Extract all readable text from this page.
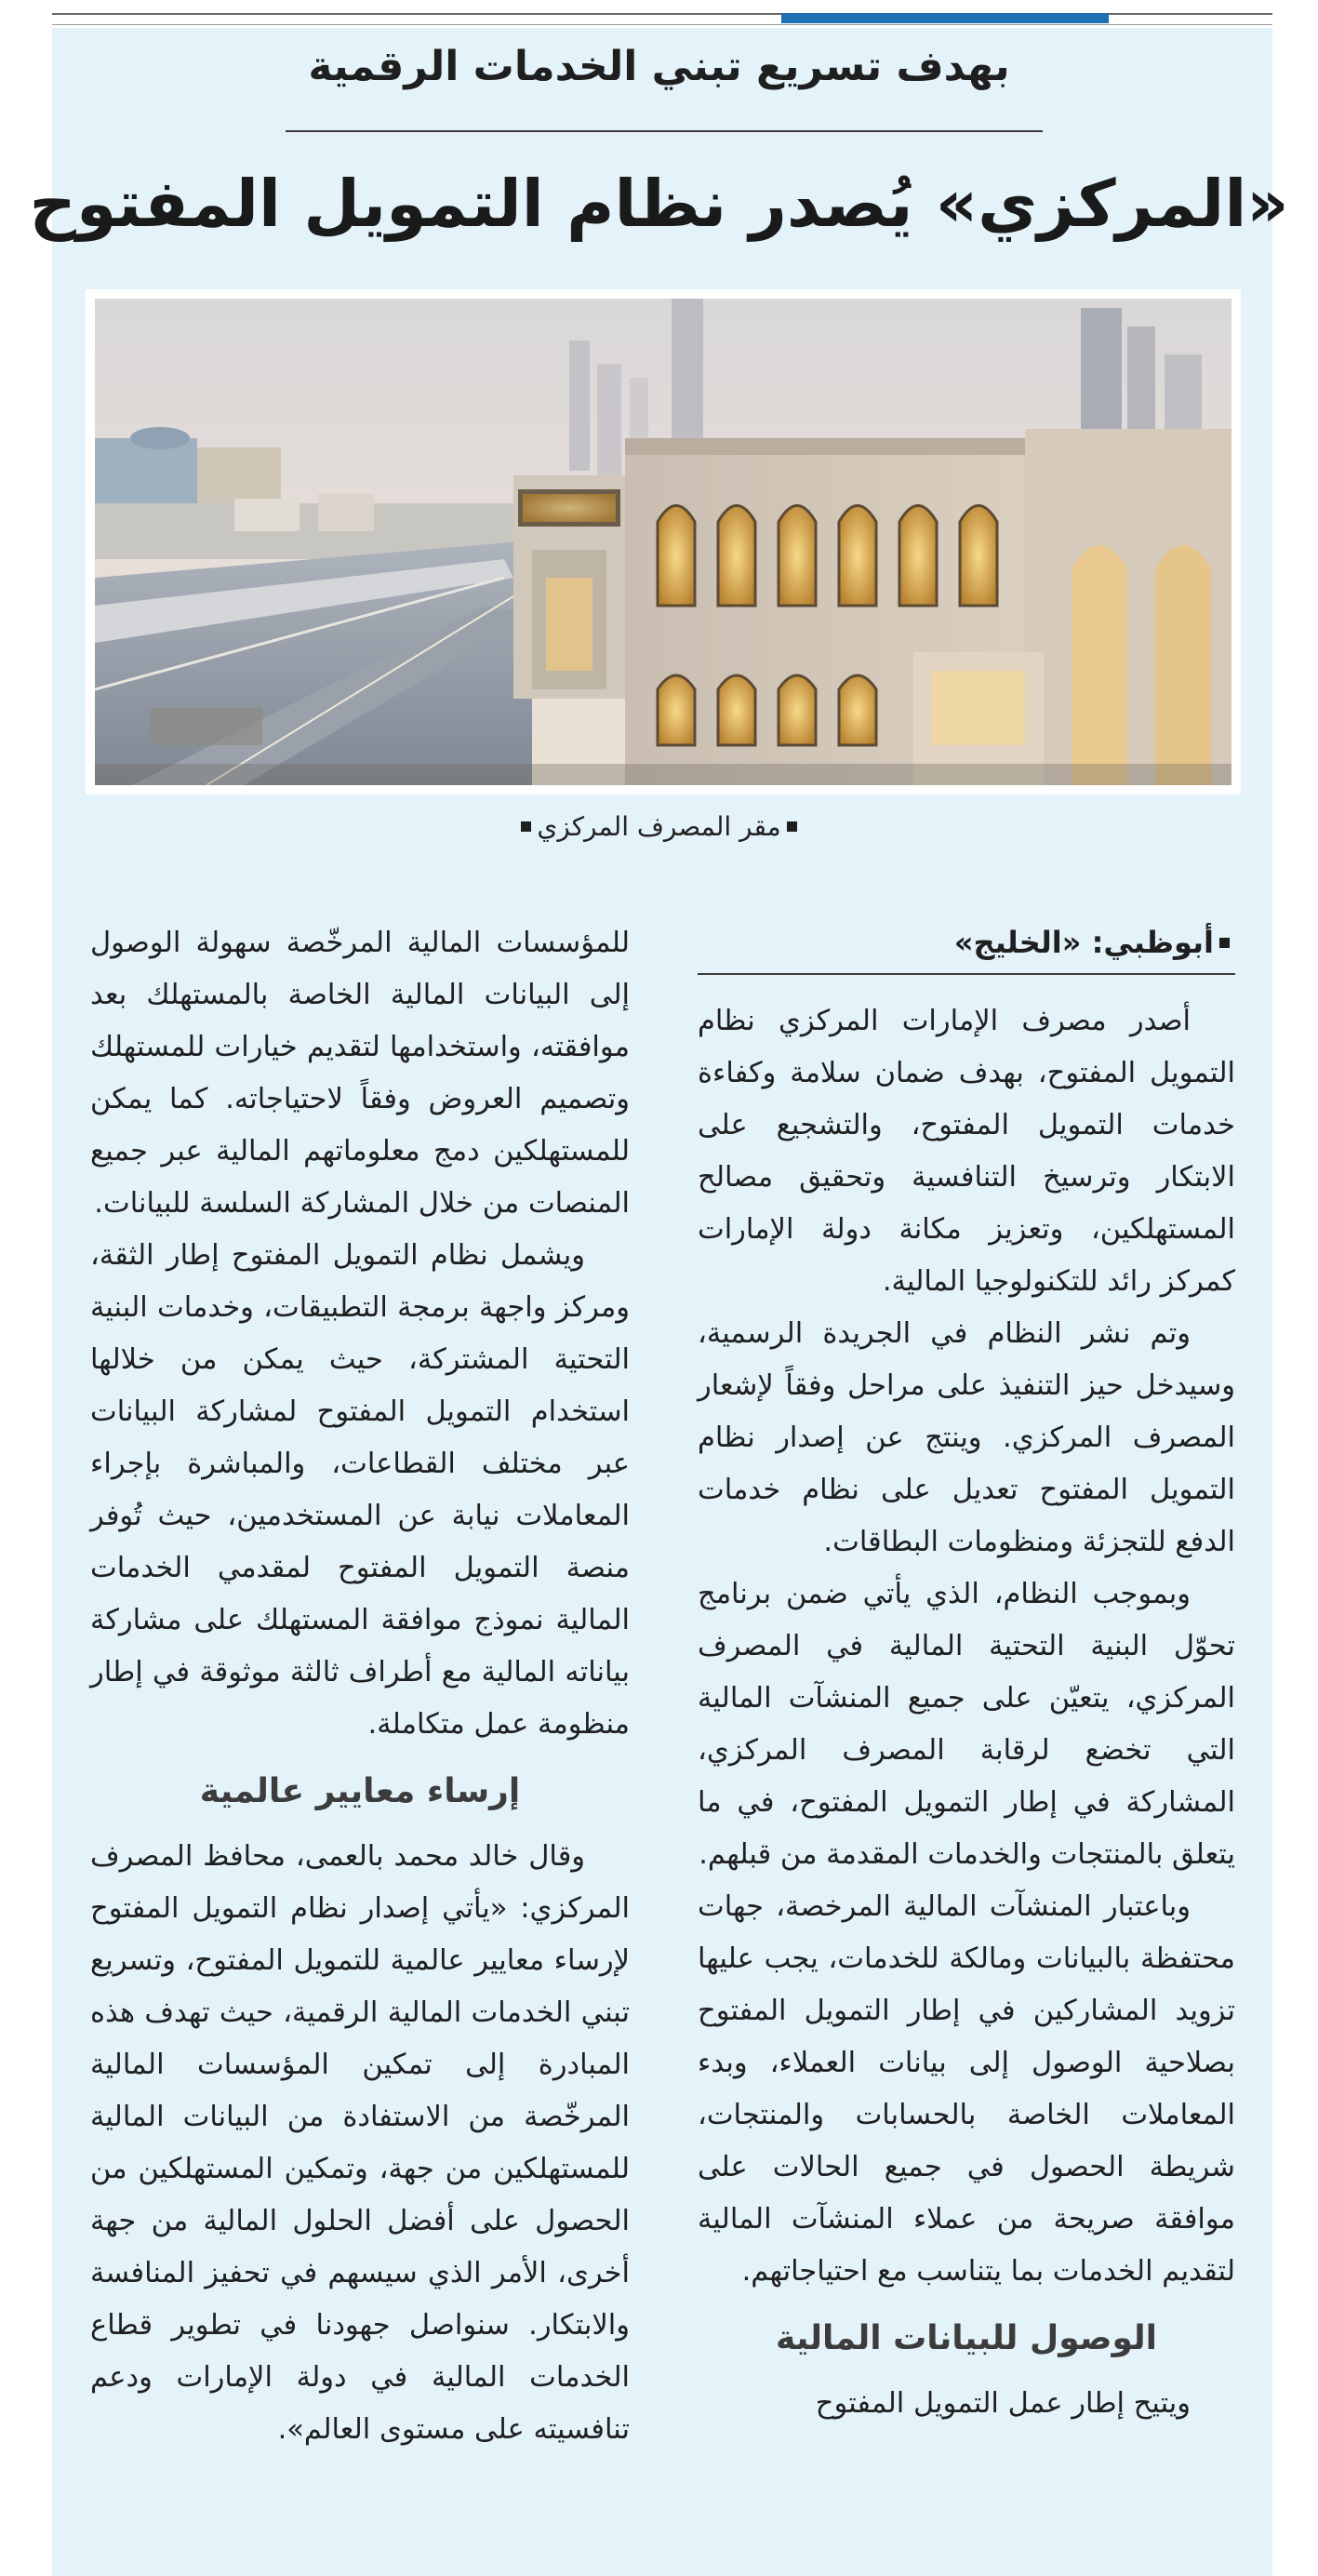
بهدف تسريع تبني الخدمات الرقمية
«المركزي» يُصدر نظام التمويل المفتوح
مقر المصرف المركزي

أبوظبي: «الخليج»

أصدر مصرف الإمارات المركزي نظام التمويل المفتوح، بهدف ضمان سلامة وكفاءة خدمات التمويل المفتوح، والتشجيع على الابتكار وترسيخ التنافسية وتحقيق مصالح المستهلكين، وتعزيز مكانة دولة الإمارات كمركز رائد للتكنولوجيا المالية.

وتم نشر النظام في الجريدة الرسمية، وسيدخل حيز التنفيذ على مراحل وفقاً لإشعار المصرف المركزي. وينتج عن إصدار نظام التمويل المفتوح تعديل على نظام خدمات الدفع للتجزئة ومنظومات البطاقات.

وبموجب النظام، الذي يأتي ضمن برنامج تحوّل البنية التحتية المالية في المصرف المركزي، يتعيّن على جميع المنشآت المالية التي تخضع لرقابة المصرف المركزي، المشاركة في إطار التمويل المفتوح، في ما يتعلق بالمنتجات والخدمات المقدمة من قبلهم.

وباعتبار المنشآت المالية المرخصة، جهات محتفظة بالبيانات ومالكة للخدمات، يجب عليها تزويد المشاركين في إطار التمويل المفتوح بصلاحية الوصول إلى بيانات العملاء، وبدء المعاملات الخاصة بالحسابات والمنتجات، شريطة الحصول في جميع الحالات على موافقة صريحة من عملاء المنشآت المالية لتقديم الخدمات بما يتناسب مع احتياجاتهم.

الوصول للبيانات المالية

ويتيح إطار عمل التمويل المفتوح

للمؤسسات المالية المرخّصة سهولة الوصول إلى البيانات المالية الخاصة بالمستهلك بعد موافقته، واستخدامها لتقديم خيارات للمستهلك وتصميم العروض وفقاً لاحتياجاته. كما يمكن للمستهلكين دمج معلوماتهم المالية عبر جميع المنصات من خلال المشاركة السلسة للبيانات.

ويشمل نظام التمويل المفتوح إطار الثقة، ومركز واجهة برمجة التطبيقات، وخدمات البنية التحتية المشتركة، حيث يمكن من خلالها استخدام التمويل المفتوح لمشاركة البيانات عبر مختلف القطاعات، والمباشرة بإجراء المعاملات نيابة عن المستخدمين، حيث تُوفر منصة التمويل المفتوح لمقدمي الخدمات المالية نموذج موافقة المستهلك على مشاركة بياناته المالية مع أطراف ثالثة موثوقة في إطار منظومة عمل متكاملة.

إرساء معايير عالمية

وقال خالد محمد بالعمى، محافظ المصرف المركزي: «يأتي إصدار نظام التمويل المفتوح لإرساء معايير عالمية للتمويل المفتوح، وتسريع تبني الخدمات المالية الرقمية، حيث تهدف هذه المبادرة إلى تمكين المؤسسات المالية المرخّصة من الاستفادة من البيانات المالية للمستهلكين من جهة، وتمكين المستهلكين من الحصول على أفضل الحلول المالية من جهة أخرى، الأمر الذي سيسهم في تحفيز المنافسة والابتكار. سنواصل جهودنا في تطوير قطاع الخدمات المالية في دولة الإمارات ودعم تنافسيته على مستوى العالم».
